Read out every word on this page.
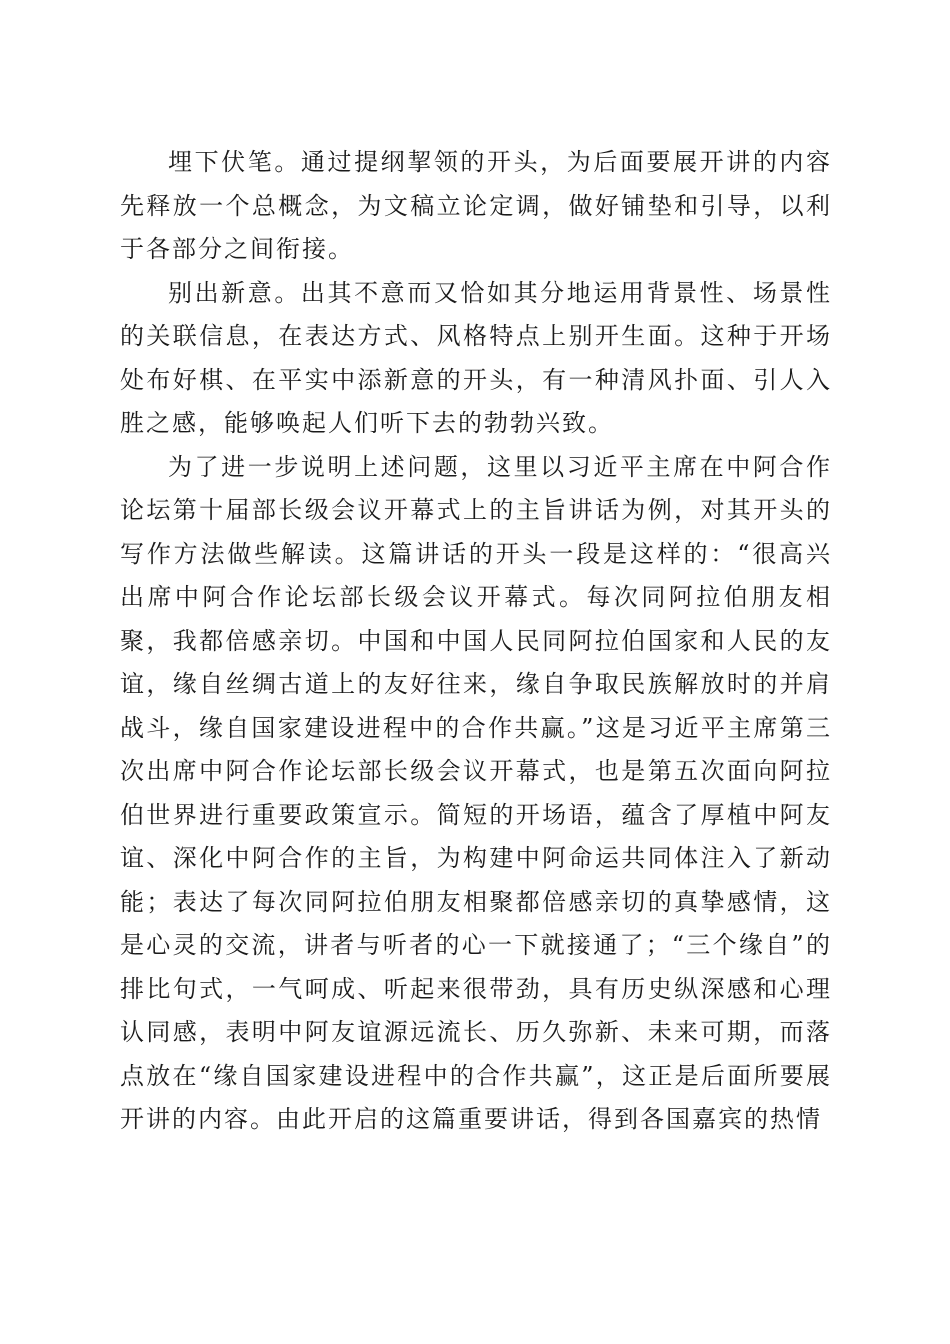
埋下伏笔。通过提纲挈领的开头，为后面要展开讲的内容先释放一个总概念，为文稿立论定调，做好铺垫和引导，以利于各部分之间衔接。

别出新意。出其不意而又恰如其分地运用背景性、场景性的关联信息，在表达方式、风格特点上别开生面。这种于开场处布好棋、在平实中添新意的开头，有一种清风扑面、引人入胜之感，能够唤起人们听下去的勃勃兴致。

为了进一步说明上述问题，这里以习近平主席在中阿合作论坛第十届部长级会议开幕式上的主旨讲话为例，对其开头的写作方法做些解读。这篇讲话的开头一段是这样的：“很高兴出席中阿合作论坛部长级会议开幕式。每次同阿拉伯朋友相聚，我都倍感亲切。中国和中国人民同阿拉伯国家和人民的友谊，缘自丝绸古道上的友好往来，缘自争取民族解放时的并肩战斗，缘自国家建设进程中的合作共赢。”这是习近平主席第三次出席中阿合作论坛部长级会议开幕式，也是第五次面向阿拉伯世界进行重要政策宣示。简短的开场语，蕴含了厚植中阿友谊、深化中阿合作的主旨，为构建中阿命运共同体注入了新动能；表达了每次同阿拉伯朋友相聚都倍感亲切的真挚感情，这是心灵的交流，讲者与听者的心一下就接通了；“三个缘自”的排比句式，一气呵成、听起来很带劲，具有历史纵深感和心理认同感，表明中阿友谊源远流长、历久弥新、未来可期，而落点放在“缘自国家建设进程中的合作共赢”，这正是后面所要展开讲的内容。由此开启的这篇重要讲话，得到各国嘉宾的热情
